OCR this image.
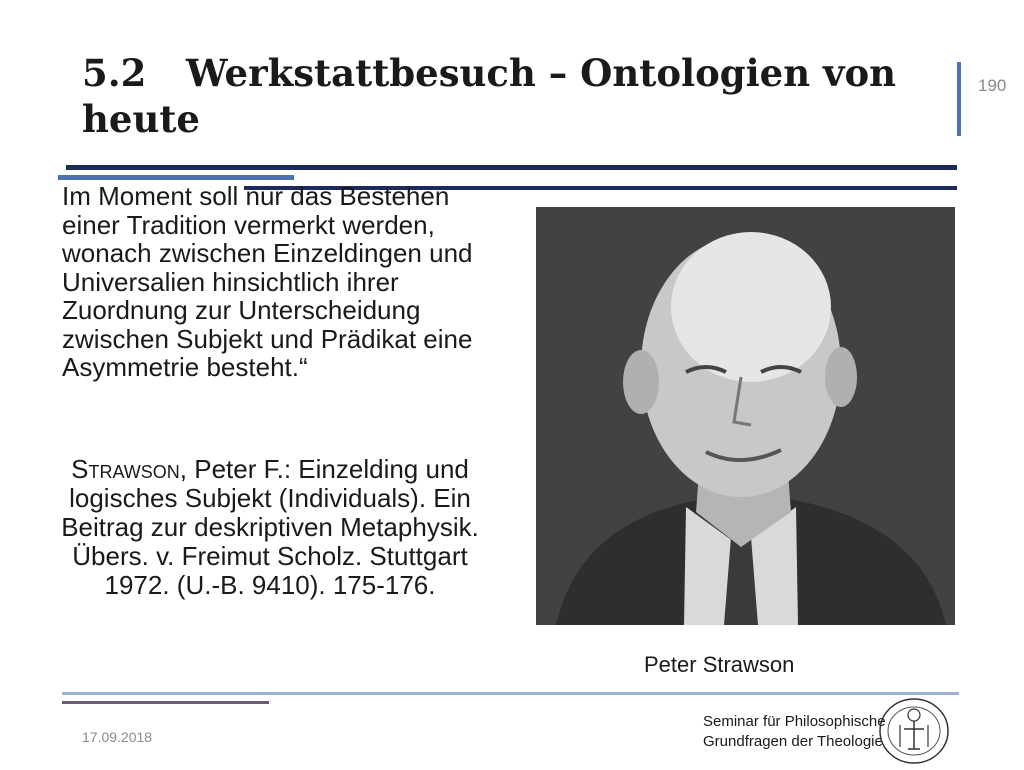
5.2 Werkstattbesuch – Ontologien von heute
190
Im Moment soll nur das Bestehen einer Tradition vermerkt werden, wonach zwischen Einzeldingen und Universalien hinsichtlich ihrer Zuordnung zur Unterscheidung zwischen Subjekt und Prädikat eine Asymmetrie besteht.“
Strawson, Peter F.: Einzelding und logisches Subjekt (Individuals). Ein Beitrag zur deskriptiven Metaphysik. Übers. v. Freimut Scholz. Stuttgart 1972. (U.-B. 9410). 175-176.
Peter Strawson
17.09.2018
Seminar für Philosophische
Grundfragen der Theologie
